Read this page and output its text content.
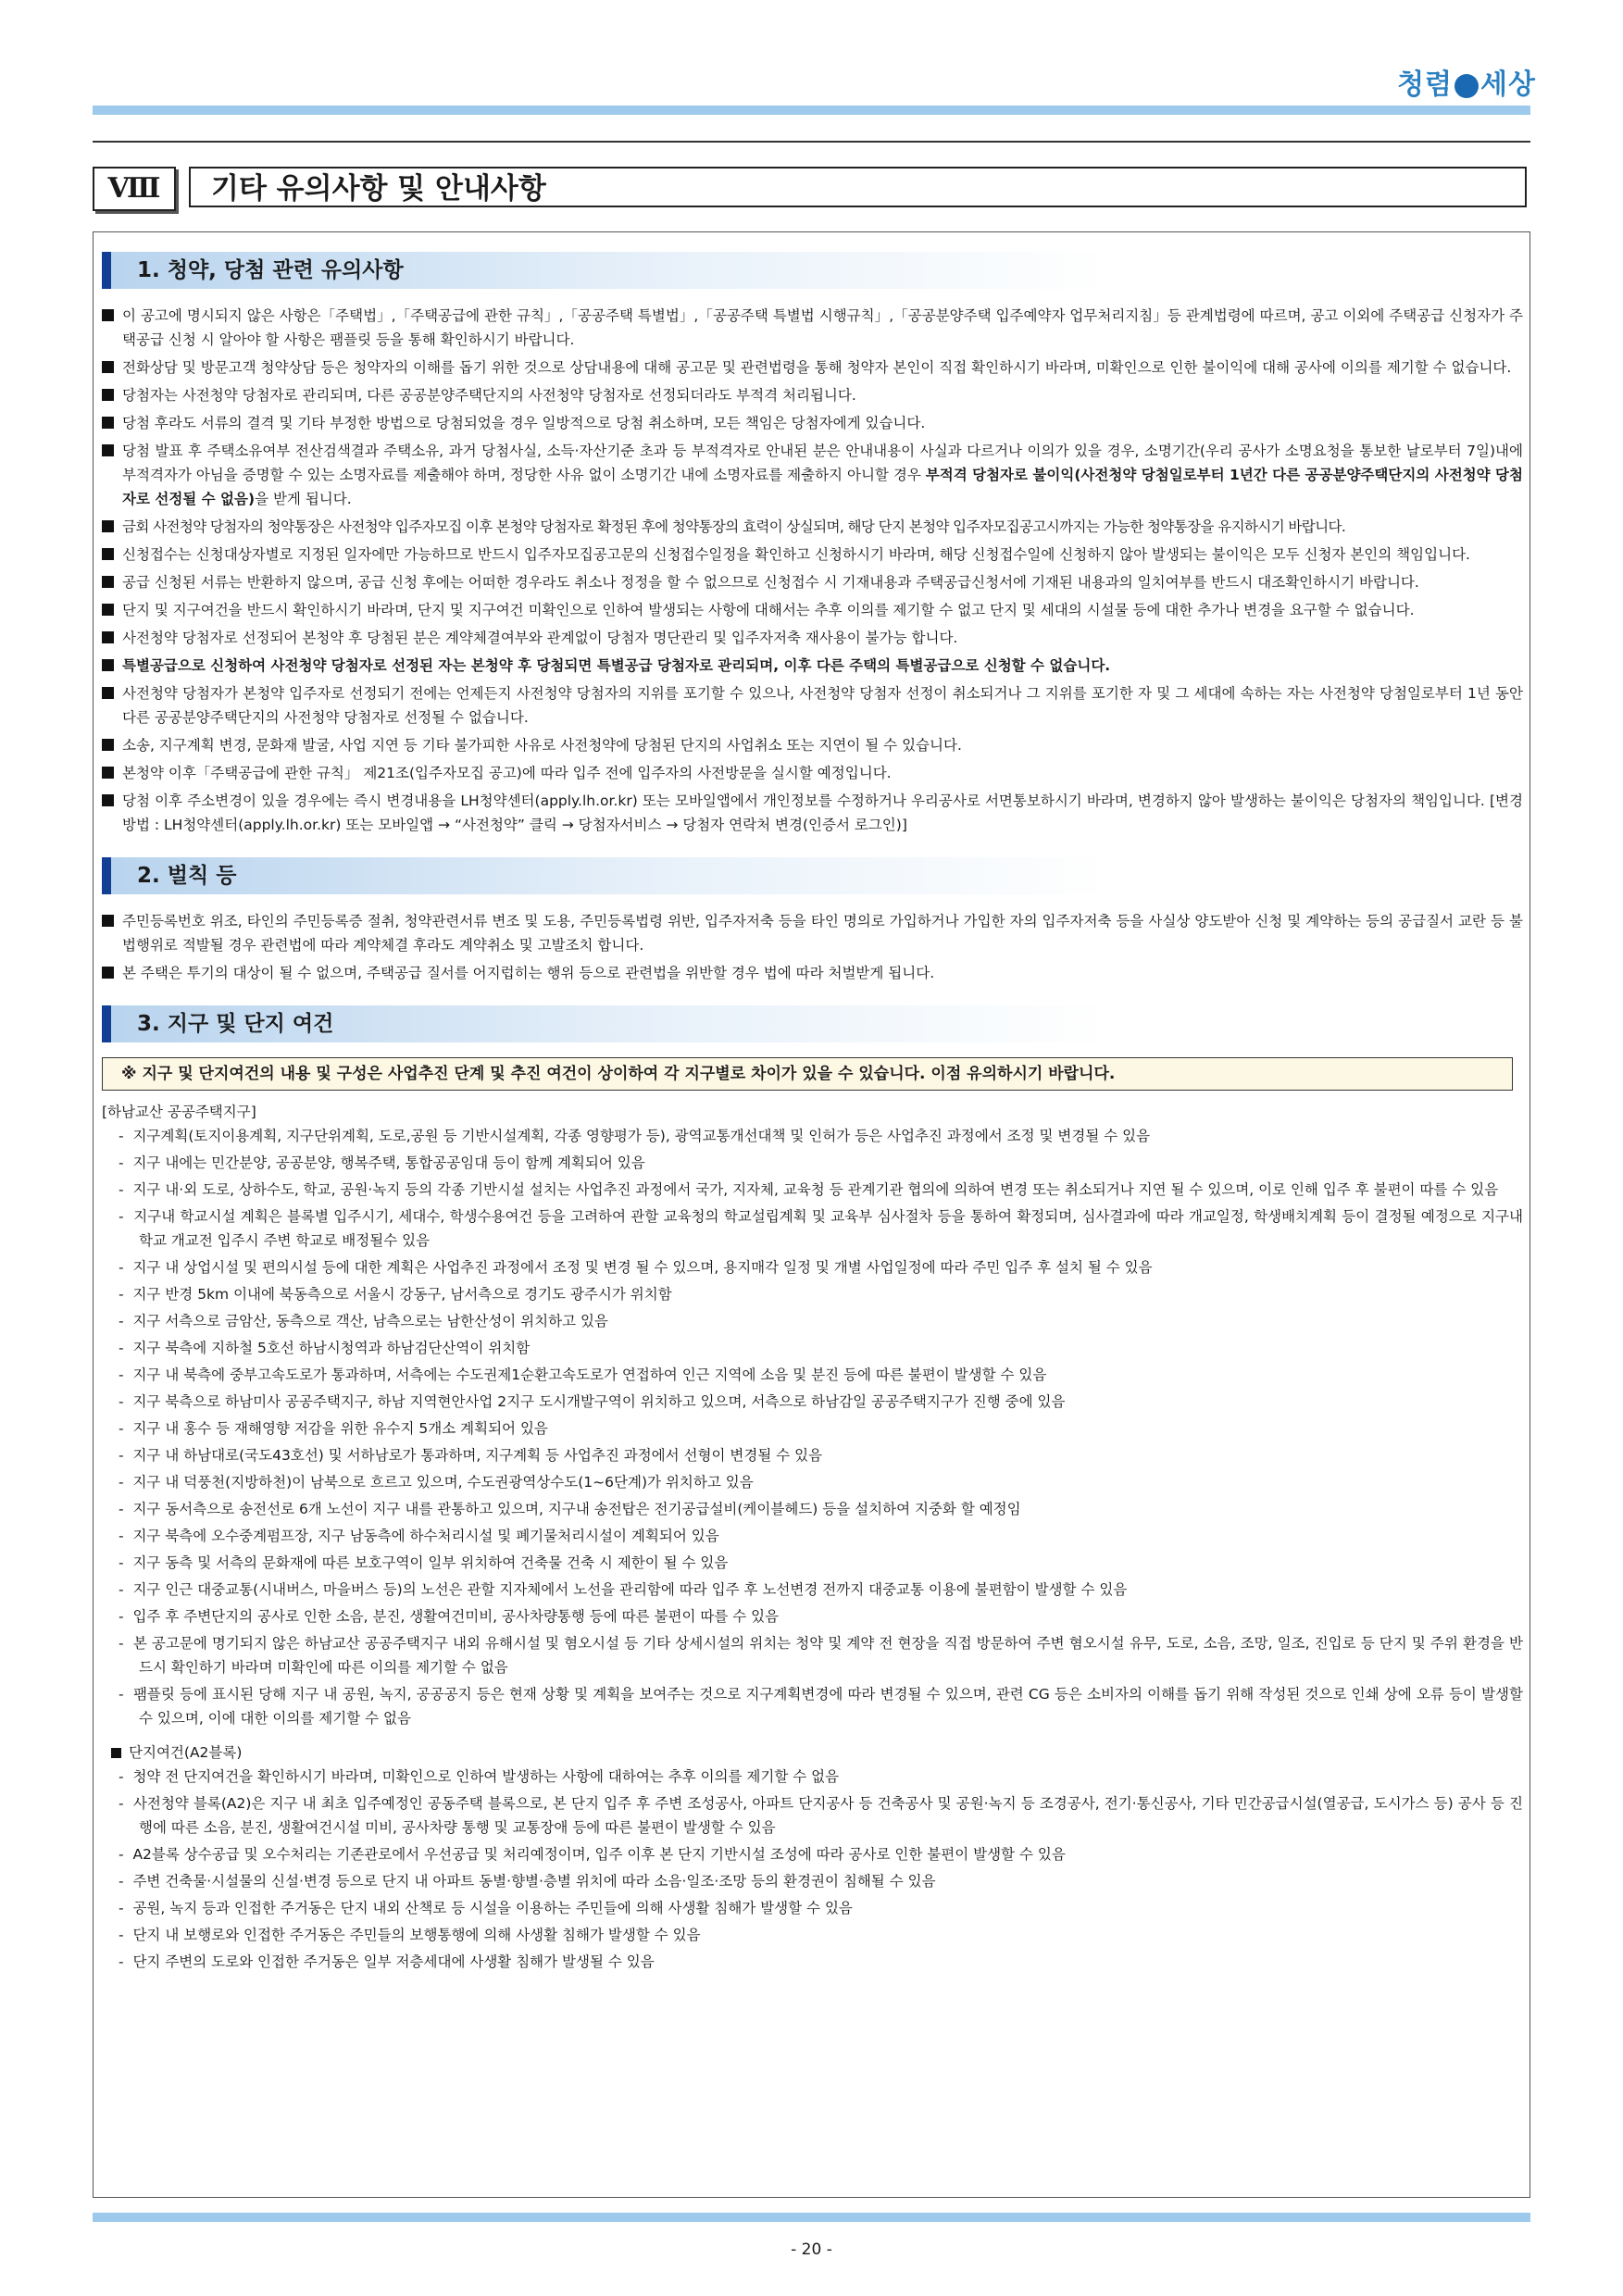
청렴 세상
Ⅷ	기타 유의사항 및 안내사항
1. 청약, 당첨 관련 유의사항

이 공고에 명시되지 않은 사항은「주택법」,「주택공급에 관한 규칙」,「공공주택 특별법」,「공공주택 특별법 시행규칙」,「공공분양주택 입주예약자 업무처리지침」등 관계법령에 따르며, 공고 이외에 주택공급 신청자가 주택공급 신청 시 알아야 할 사항은 팸플릿 등을 통해 확인하시기 바랍니다.

전화상담 및 방문고객 청약상담 등은 청약자의 이해를 돕기 위한 것으로 상담내용에 대해 공고문 및 관련법령을 통해 청약자 본인이 직접 확인하시기 바라며, 미확인으로 인한 불이익에 대해 공사에 이의를 제기할 수 없습니다.

당첨자는 사전청약 당첨자로 관리되며, 다른 공공분양주택단지의 사전청약 당첨자로 선정되더라도 부적격 처리됩니다.

당첨 후라도 서류의 결격 및 기타 부정한 방법으로 당첨되었을 경우 일방적으로 당첨 취소하며, 모든 책임은 당첨자에게 있습니다.

당첨 발표 후 주택소유여부 전산검색결과 주택소유, 과거 당첨사실, 소득·자산기준 초과 등 부적격자로 안내된 분은 안내내용이 사실과 다르거나 이의가 있을 경우, 소명기간(우리 공사가 소명요청을 통보한 날로부터 7일)내에 부적격자가 아님을 증명할 수 있는 소명자료를 제출해야 하며, 정당한 사유 없이 소명기간 내에 소명자료를 제출하지 아니할 경우 부적격 당첨자로 불이익(사전청약 당첨일로부터 1년간 다른 공공분양주택단지의 사전청약 당첨자로 선정될 수 없음)을 받게 됩니다.

금회 사전청약 당첨자의 청약통장은 사전청약 입주자모집 이후 본청약 당첨자로 확정된 후에 청약통장의 효력이 상실되며, 해당 단지 본청약 입주자모집공고시까지는 가능한 청약통장을 유지하시기 바랍니다.

신청접수는 신청대상자별로 지정된 일자에만 가능하므로 반드시 입주자모집공고문의 신청접수일정을 확인하고 신청하시기 바라며, 해당 신청접수일에 신청하지 않아 발생되는 불이익은 모두 신청자 본인의 책임입니다.

공급 신청된 서류는 반환하지 않으며, 공급 신청 후에는 어떠한 경우라도 취소나 정정을 할 수 없으므로 신청접수 시 기재내용과 주택공급신청서에 기재된 내용과의 일치여부를 반드시 대조확인하시기 바랍니다.

단지 및 지구여건을 반드시 확인하시기 바라며, 단지 및 지구여건 미확인으로 인하여 발생되는 사항에 대해서는 추후 이의를 제기할 수 없고 단지 및 세대의 시설물 등에 대한 추가나 변경을 요구할 수 없습니다.

사전청약 당첨자로 선정되어 본청약 후 당첨된 분은 계약체결여부와 관계없이 당첨자 명단관리 및 입주자저축 재사용이 불가능 합니다.

특별공급으로 신청하여 사전청약 당첨자로 선정된 자는 본청약 후 당첨되면 특별공급 당첨자로 관리되며, 이후 다른 주택의 특별공급으로 신청할 수 없습니다.

사전청약 당첨자가 본청약 입주자로 선정되기 전에는 언제든지 사전청약 당첨자의 지위를 포기할 수 있으나, 사전청약 당첨자 선정이 취소되거나 그 지위를 포기한 자 및 그 세대에 속하는 자는 사전청약 당첨일로부터 1년 동안 다른 공공분양주택단지의 사전청약 당첨자로 선정될 수 없습니다.

소송, 지구계획 변경, 문화재 발굴, 사업 지연 등 기타 불가피한 사유로 사전청약에 당첨된 단지의 사업취소 또는 지연이 될 수 있습니다.

본청약 이후「주택공급에 관한 규칙」 제21조(입주자모집 공고)에 따라 입주 전에 입주자의 사전방문을 실시할 예정입니다.

당첨 이후 주소변경이 있을 경우에는 즉시 변경내용을 LH청약센터(apply.lh.or.kr) 또는 모바일앱에서 개인정보를 수정하거나 우리공사로 서면통보하시기 바라며, 변경하지 않아 발생하는 불이익은 당첨자의 책임입니다. [변경방법 : LH청약센터(apply.lh.or.kr) 또는 모바일앱 → “사전청약” 클릭 → 당첨자서비스 → 당첨자 연락처 변경(인증서 로그인)]

2. 벌칙 등

주민등록번호 위조, 타인의 주민등록증 절취, 청약관련서류 변조 및 도용, 주민등록법령 위반, 입주자저축 등을 타인 명의로 가입하거나 가입한 자의 입주자저축 등을 사실상 양도받아 신청 및 계약하는 등의 공급질서 교란 등 불법행위로 적발될 경우 관련법에 따라 계약체결 후라도 계약취소 및 고발조치 합니다.

본 주택은 투기의 대상이 될 수 없으며, 주택공급 질서를 어지럽히는 행위 등으로 관련법을 위반할 경우 법에 따라 처벌받게 됩니다.

3. 지구 및 단지 여건
※ 지구 및 단지여건의 내용 및 구성은 사업추진 단계 및 추진 여건이 상이하여 각 지구별로 차이가 있을 수 있습니다. 이점 유의하시기 바랍니다.

[하남교산 공공주택지구]

-  지구계획(토지이용계획, 지구단위계획, 도로,공원 등 기반시설계획, 각종 영향평가 등), 광역교통개선대책 및 인허가 등은 사업추진 과정에서 조정 및 변경될 수 있음

-  지구 내에는 민간분양, 공공분양, 행복주택, 통합공공임대 등이 함께 계획되어 있음

-  지구 내·외 도로, 상하수도, 학교, 공원·녹지 등의 각종 기반시설 설치는 사업추진 과정에서 국가, 지자체, 교육청 등 관계기관 협의에 의하여 변경 또는 취소되거나 지연 될 수 있으며, 이로 인해 입주 후 불편이 따를 수 있음

-  지구내 학교시설 계획은 블록별 입주시기, 세대수, 학생수용여건 등을 고려하여 관할 교육청의 학교설립계획 및 교육부 심사절차 등을 통하여 확정되며, 심사결과에 따라 개교일정, 학생배치계획 등이 결정될 예정으로 지구내 학교 개교전 입주시 주변 학교로 배정될수 있음

-  지구 내 상업시설 및 편의시설 등에 대한 계획은 사업추진 과정에서 조정 및 변경 될 수 있으며, 용지매각 일정 및 개별 사업일정에 따라 주민 입주 후 설치 될 수 있음

-  지구 반경 5km 이내에 북동측으로 서울시 강동구, 남서측으로 경기도 광주시가 위치함

-  지구 서측으로 금암산, 동측으로 객산, 남측으로는 남한산성이 위치하고 있음

-  지구 북측에 지하철 5호선 하남시청역과 하남검단산역이 위치함

-  지구 내 북측에 중부고속도로가 통과하며, 서측에는 수도권제1순환고속도로가 연접하여 인근 지역에 소음 및 분진 등에 따른 불편이 발생할 수 있음

-  지구 북측으로 하남미사 공공주택지구, 하남 지역현안사업 2지구 도시개발구역이 위치하고 있으며, 서측으로 하남감일 공공주택지구가 진행 중에 있음

-  지구 내 홍수 등 재해영향 저감을 위한 유수지 5개소 계획되어 있음

-  지구 내 하남대로(국도43호선) 및 서하남로가 통과하며, 지구계획 등 사업추진 과정에서 선형이 변경될 수 있음

-  지구 내 덕풍천(지방하천)이 남북으로 흐르고 있으며, 수도권광역상수도(1~6단계)가 위치하고 있음

-  지구 동서측으로 송전선로 6개 노선이 지구 내를 관통하고 있으며, 지구내 송전탑은 전기공급설비(케이블헤드) 등을 설치하여 지중화 할 예정임

-  지구 북측에 오수중계펌프장, 지구 남동측에 하수처리시설 및 폐기물처리시설이 계획되어 있음

-  지구 동측 및 서측의 문화재에 따른 보호구역이 일부 위치하여 건축물 건축 시 제한이 될 수 있음

-  지구 인근 대중교통(시내버스, 마을버스 등)의 노선은 관할 지자체에서 노선을 관리함에 따라 입주 후 노선변경 전까지 대중교통 이용에 불편함이 발생할 수 있음

-  입주 후 주변단지의 공사로 인한 소음, 분진, 생활여건미비, 공사차량통행 등에 따른 불편이 따를 수 있음

-  본 공고문에 명기되지 않은 하남교산 공공주택지구 내외 유해시설 및 혐오시설 등 기타 상세시설의 위치는 청약 및 계약 전 현장을 직접 방문하여 주변 혐오시설 유무, 도로, 소음, 조망, 일조, 진입로 등 단지 및 주위 환경을 반드시 확인하기 바라며 미확인에 따른 이의를 제기할 수 없음

-  팸플릿 등에 표시된 당해 지구 내 공원, 녹지, 공공공지 등은 현재 상황 및 계획을 보여주는 것으로 지구계획변경에 따라 변경될 수 있으며, 관련 CG 등은 소비자의 이해를 돕기 위해 작성된 것으로 인쇄 상에 오류 등이 발생할 수 있으며, 이에 대한 이의를 제기할 수 없음

단지여건(A2블록)

-  청약 전 단지여건을 확인하시기 바라며, 미확인으로 인하여 발생하는 사항에 대하여는 추후 이의를 제기할 수 없음

-  사전청약 블록(A2)은 지구 내 최초 입주예정인 공동주택 블록으로, 본 단지 입주 후 주변 조성공사, 아파트 단지공사 등 건축공사 및 공원·녹지 등 조경공사, 전기·통신공사, 기타 민간공급시설(열공급, 도시가스 등) 공사 등 진행에 따른 소음, 분진, 생활여건시설 미비, 공사차량 통행 및 교통장애 등에 따른 불편이 발생할 수 있음

-  A2블록 상수공급 및 오수처리는 기존관로에서 우선공급 및 처리예정이며, 입주 이후 본 단지 기반시설 조성에 따라 공사로 인한 불편이 발생할 수 있음

-  주변 건축물·시설물의 신설·변경 등으로 단지 내 아파트 동별·향별·층별 위치에 따라 소음·일조·조망 등의 환경권이 침해될 수 있음

-  공원, 녹지 등과 인접한 주거동은 단지 내외 산책로 등 시설을 이용하는 주민들에 의해 사생활 침해가 발생할 수 있음

-  단지 내 보행로와 인접한 주거동은 주민들의 보행통행에 의해 사생활 침해가 발생할 수 있음

-  단지 주변의 도로와 인접한 주거동은 일부 저층세대에 사생활 침해가 발생될 수 있음

- 20 -
